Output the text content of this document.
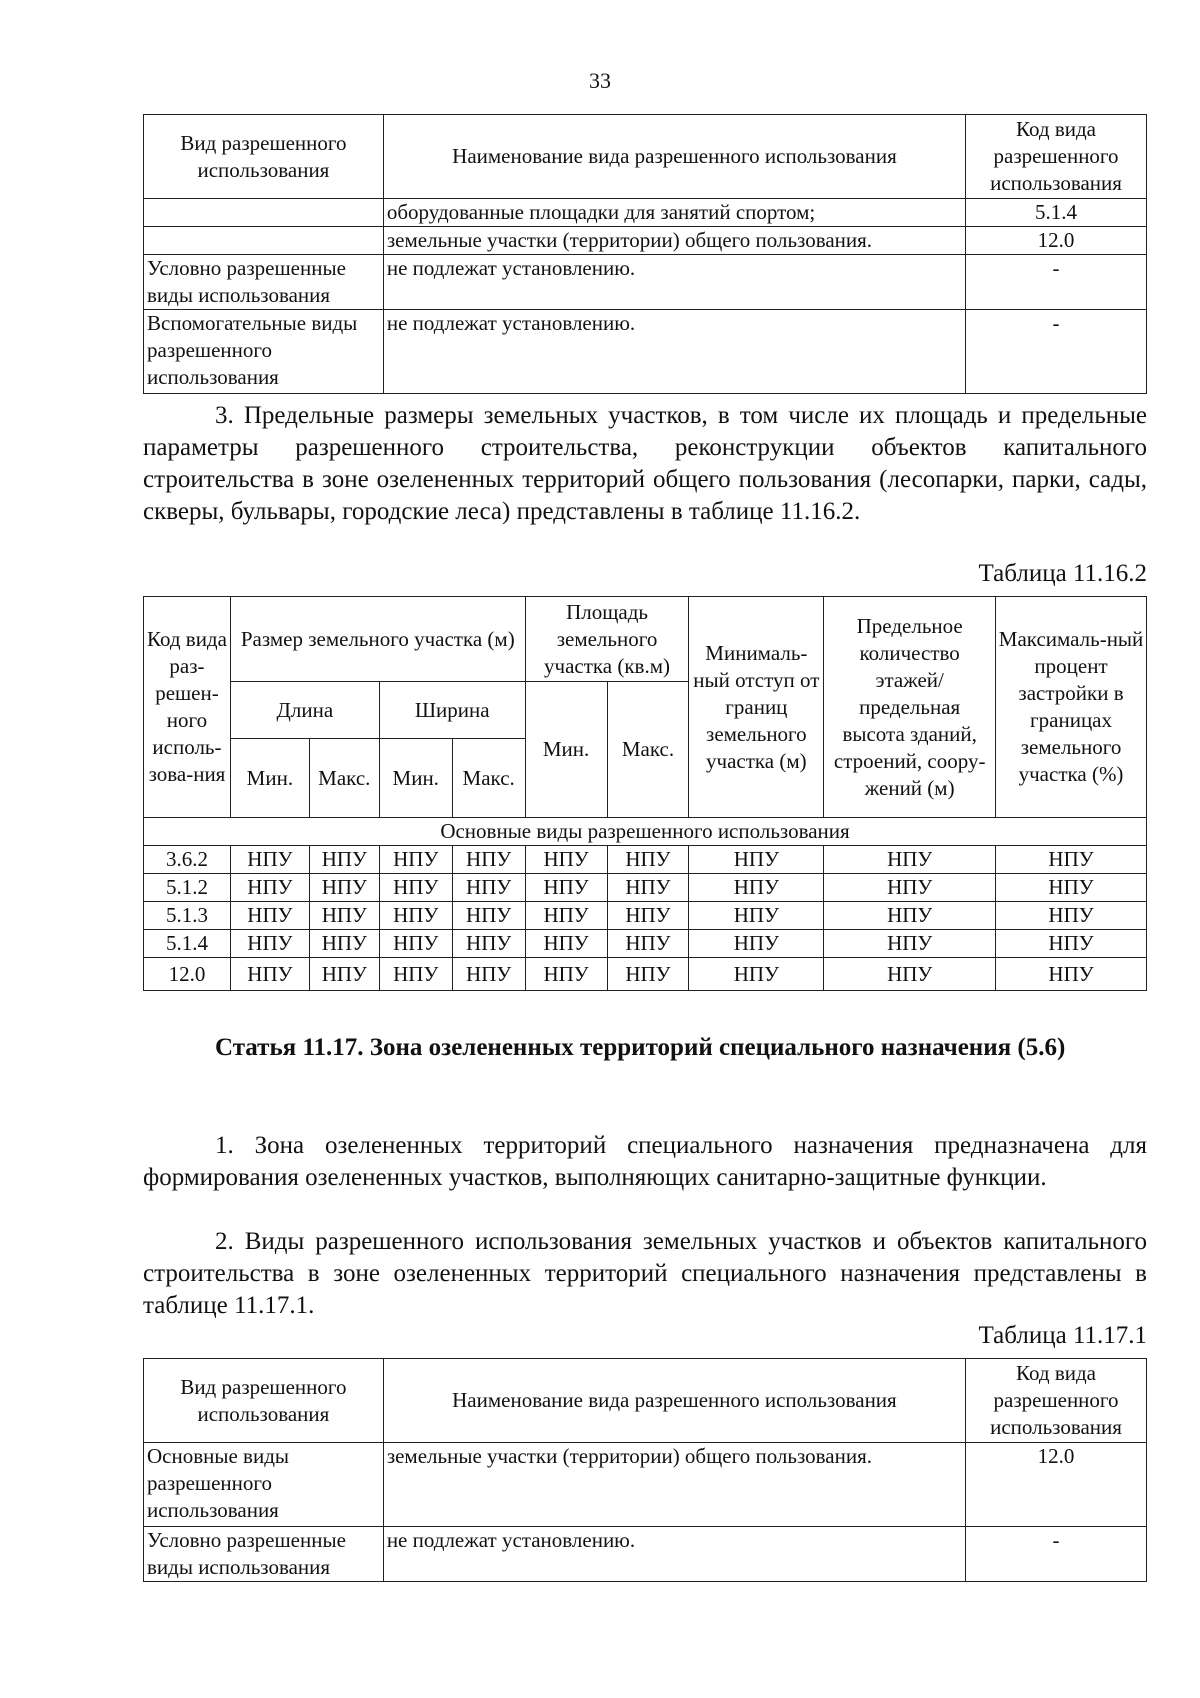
33
Вид разрешенного использования	Наименование вида разрешенного использования	Код вида разрешенного использования
	оборудованные площадки для занятий спортом;	5.1.4
	земельные участки (территории) общего пользования.	12.0
Условно разрешенные виды использования	не подлежат установлению.	-
Вспомогательные виды разрешенного использования	не подлежат установлению.	-
3. Предельные размеры земельных участков, в том числе их площадь и предельные параметры разрешенного строительства, реконструкции объектов капитального строительства в зоне озелененных территорий общего пользования (лесопарки, парки, сады, скверы, бульвары, городские леса) представлены в таблице 11.16.2.
Таблица 11.16.2
Код вида раз-решен-ного исполь-зова-ния	Размер земельного участка (м)				Площадь земельного участка (кв.м)		Минималь-ный отступ от границ земельного участка (м)	Предельное количество этажей/ предельная высота зданий, строений, соору-жений (м)	Максималь-ный процент застройки в границах земельного участка (%)
	Длина		Ширина		Мин.	Макс.			
	Мин.	Макс.	Мин.	Макс.					
Основные виды разрешенного использования									
3.6.2	НПУ	НПУ	НПУ	НПУ	НПУ	НПУ	НПУ	НПУ	НПУ
5.1.2	НПУ	НПУ	НПУ	НПУ	НПУ	НПУ	НПУ	НПУ	НПУ
5.1.3	НПУ	НПУ	НПУ	НПУ	НПУ	НПУ	НПУ	НПУ	НПУ
5.1.4	НПУ	НПУ	НПУ	НПУ	НПУ	НПУ	НПУ	НПУ	НПУ
12.0	НПУ	НПУ	НПУ	НПУ	НПУ	НПУ	НПУ	НПУ	НПУ
Статья 11.17. Зона озелененных территорий специального назначения (5.6)
1. Зона озелененных территорий специального назначения предназначена для формирования озелененных участков, выполняющих санитарно-защитные функции.
2. Виды разрешенного использования земельных участков и объектов капитального строительства в зоне озелененных территорий специального назначения представлены в таблице 11.17.1.
Таблица 11.17.1
Вид разрешенного использования	Наименование вида разрешенного использования	Код вида разрешенного использования
Основные виды разрешенного использования	земельные участки (территории) общего пользования.	12.0
Условно разрешенные виды использования	не подлежат установлению.	-
